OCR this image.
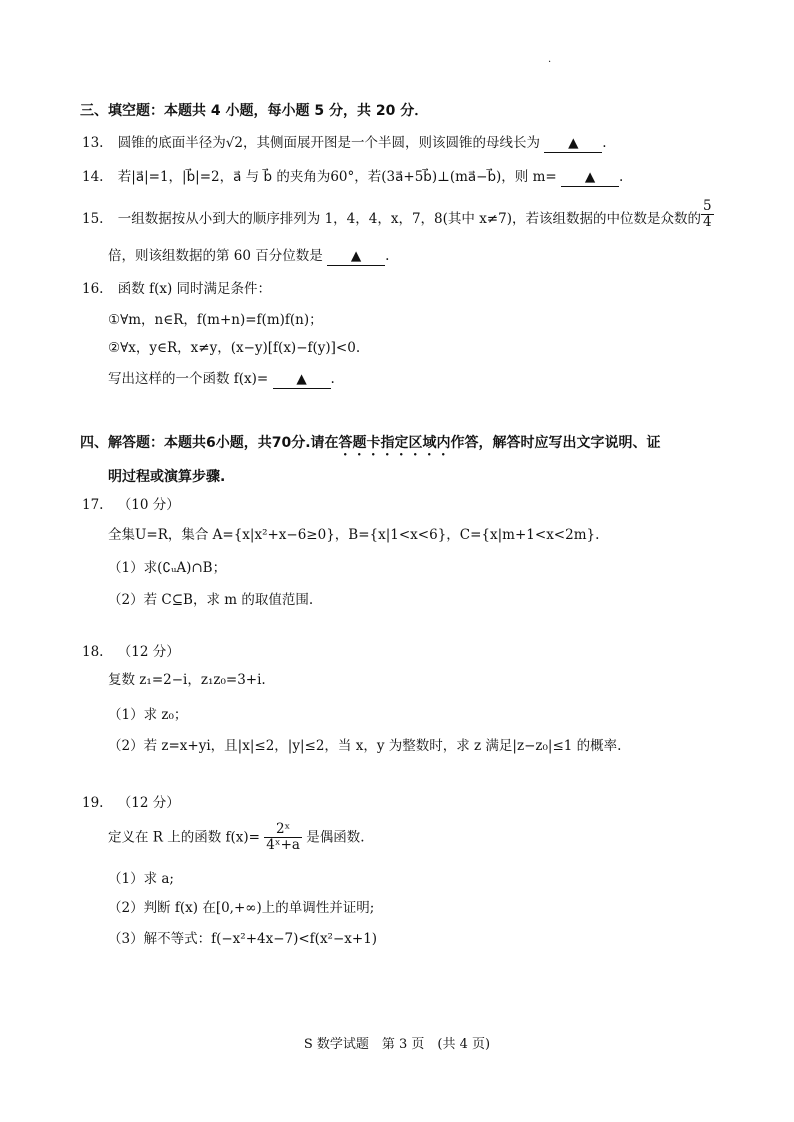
.
三、填空题：本题共 4 小题，每小题 5 分，共 20 分．
13. 圆锥的底面半径为√2，其侧面展开图是一个半圆，则该圆锥的母线长为 ▲ .
14. 若|a⃗|=1，|b⃗|=2，a⃗ 与 b⃗ 的夹角为60°，若(3a⃗+5b⃗)⊥(ma⃗−b⃗)，则 m= ▲ .
15. 一组数据按从小到大的顺序排列为 1，4，4，x，7，8(其中 x≠7)，若该组数据的中位数是众数的 $\frac{5}{4}$
倍，则该组数据的第 60 百分位数是 ▲ .
16. 函数 f(x) 同时满足条件：
①∀m，n∈R，f(m+n)=f(m)f(n)；
②∀x，y∈R，x≠y，(x−y)[f(x)−f(y)]<0.
写出这样的一个函数 f(x)= ▲ .
四、解答题：本题共6小题，共70分.请在答题卡指定区域内作答，解答时应写出文字说明、证
明过程或演算步骤.
17. （10 分）
全集U=R，集合 A={x|x²+x−6≥0}，B={x|1<x<6}，C={x|m+1<x<2m}.
（1）求(∁ᵤA)∩B；
（2）若 C⊆B，求 m 的取值范围.
18. （12 分）
复数 z₁=2−i，z₁z₀=3+i.
（1）求 z₀；
（2）若 z=x+yi，且|x|≤2，|y|≤2，当 x，y 为整数时，求 z 满足|z−z₀|≤1 的概率.
19. （12 分）
定义在 R 上的函数 $f(x)= \frac{\text{2ˣ}}{\text{4ˣ+a}}$ 是偶函数.
（1）求 a;
（2）判断 f(x) 在[0,+∞)上的单调性并证明;
（3）解不等式：f(−x²+4x−7)<f(x²−x+1)
S 数学试题　第 3 页　(共 4 页)
